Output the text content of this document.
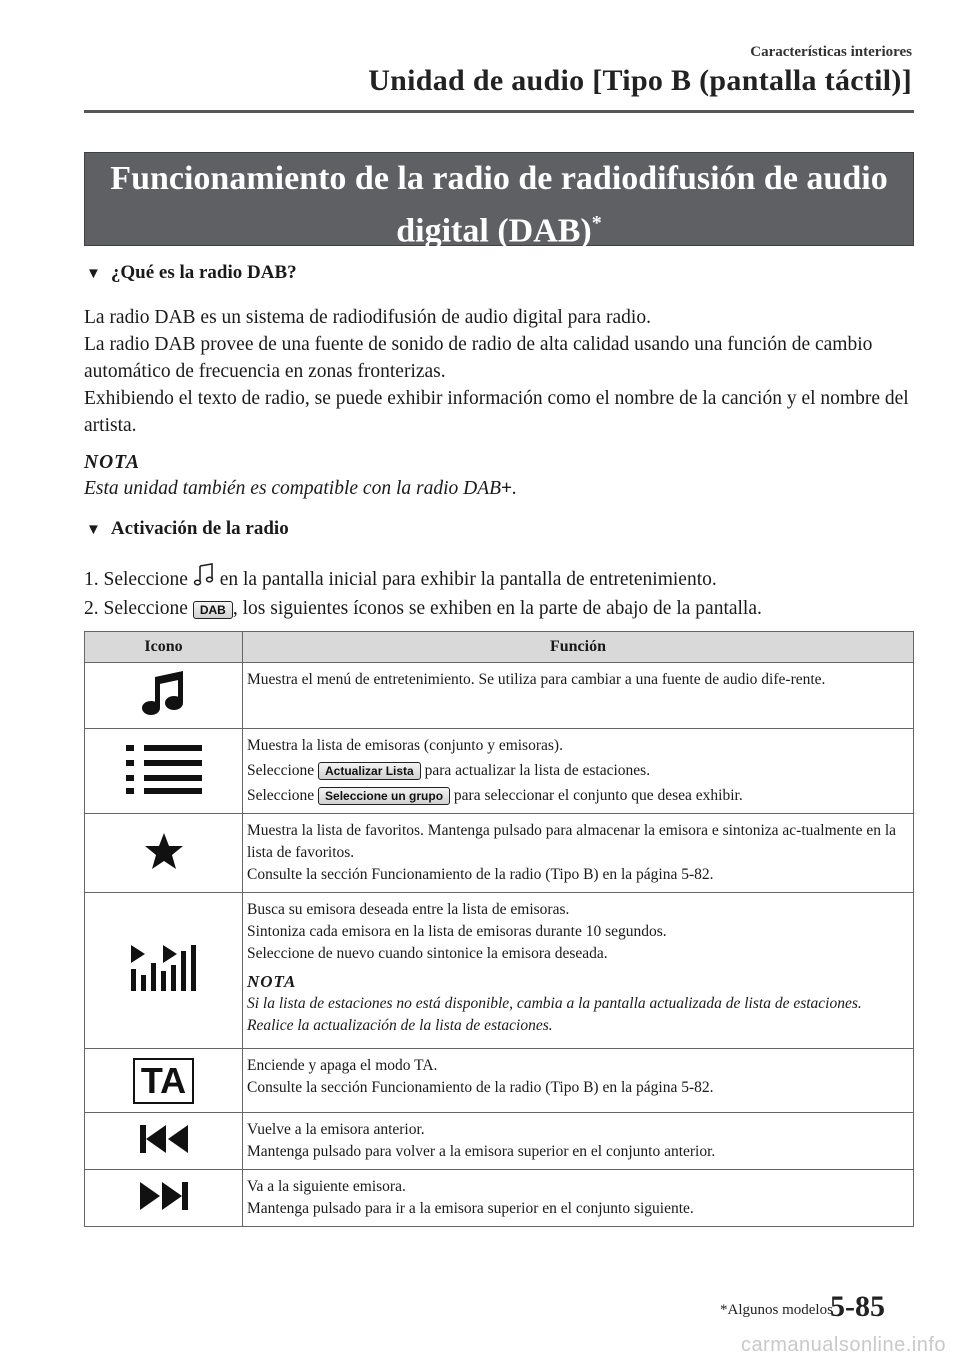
Características interiores
Unidad de audio [Tipo B (pantalla táctil)]
Funcionamiento de la radio de radiodifusión de audio
digital (DAB)*
▼ ¿Qué es la radio DAB?
La radio DAB es un sistema de radiodifusión de audio digital para radio.
La radio DAB provee de una fuente de sonido de radio de alta calidad usando una función de cambio automático de frecuencia en zonas fronterizas.
Exhibiendo el texto de radio, se puede exhibir información como el nombre de la canción y el nombre del artista.
NOTA
Esta unidad también es compatible con la radio DAB+.
▼ Activación de la radio
1. Seleccione en la pantalla inicial para exhibir la pantalla de entretenimiento.
2. Seleccione DAB , los siguientes íconos se exhiben en la parte de abajo de la pantalla.
Icono	Función

Muestra el menú de entretenimiento. Se utiliza para cambiar a una fuente de audio dife-rente.

Muestra la lista de emisoras (conjunto y emisoras).
Seleccione Actualizar Lista para actualizar la lista de estaciones.
Seleccione Seleccione un grupo para seleccionar el conjunto que desea exhibir.

Muestra la lista de favoritos. Mantenga pulsado para almacenar la emisora e sintoniza ac-tualmente en la lista de favoritos.
Consulte la sección Funcionamiento de la radio (Tipo B) en la página 5-82.

Busca su emisora deseada entre la lista de emisoras.
Sintoniza cada emisora en la lista de emisoras durante 10 segundos.
Seleccione de nuevo cuando sintonice la emisora deseada.
NOTA
Si la lista de estaciones no está disponible, cambia a la pantalla actualizada de lista de estaciones. Realice la actualización de la lista de estaciones.

TA	Enciende y apaga el modo TA.
Consulte la sección Funcionamiento de la radio (Tipo B) en la página 5-82.

Vuelve a la emisora anterior.
Mantenga pulsado para volver a la emisora superior en el conjunto anterior.

Va a la siguiente emisora.
Mantenga pulsado para ir a la emisora superior en el conjunto siguiente.
*Algunos modelos
5-85
carmanualsonline.info
